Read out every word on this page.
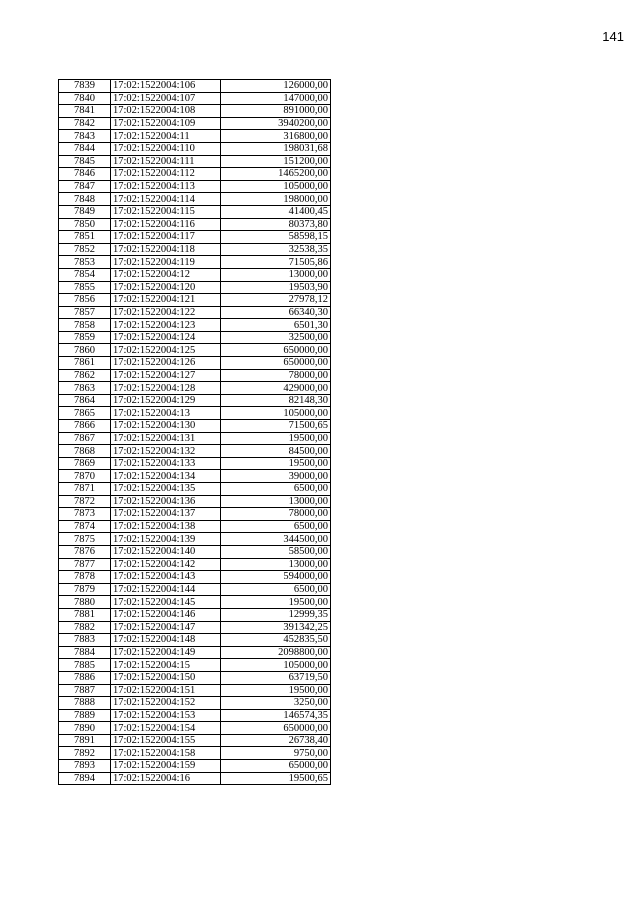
141
7839	17:02:1522004:106	126000,00
7840	17:02:1522004:107	147000,00
7841	17:02:1522004:108	891000,00
7842	17:02:1522004:109	3940200,00
7843	17:02:1522004:11	316800,00
7844	17:02:1522004:110	198031,68
7845	17:02:1522004:111	151200,00
7846	17:02:1522004:112	1465200,00
7847	17:02:1522004:113	105000,00
7848	17:02:1522004:114	198000,00
7849	17:02:1522004:115	41400,45
7850	17:02:1522004:116	80373,80
7851	17:02:1522004:117	58598,15
7852	17:02:1522004:118	32538,35
7853	17:02:1522004:119	71505,86
7854	17:02:1522004:12	13000,00
7855	17:02:1522004:120	19503,90
7856	17:02:1522004:121	27978,12
7857	17:02:1522004:122	66340,30
7858	17:02:1522004:123	6501,30
7859	17:02:1522004:124	32500,00
7860	17:02:1522004:125	650000,00
7861	17:02:1522004:126	650000,00
7862	17:02:1522004:127	78000,00
7863	17:02:1522004:128	429000,00
7864	17:02:1522004:129	82148,30
7865	17:02:1522004:13	105000,00
7866	17:02:1522004:130	71500,65
7867	17:02:1522004:131	19500,00
7868	17:02:1522004:132	84500,00
7869	17:02:1522004:133	19500,00
7870	17:02:1522004:134	39000,00
7871	17:02:1522004:135	6500,00
7872	17:02:1522004:136	13000,00
7873	17:02:1522004:137	78000,00
7874	17:02:1522004:138	6500,00
7875	17:02:1522004:139	344500,00
7876	17:02:1522004:140	58500,00
7877	17:02:1522004:142	13000,00
7878	17:02:1522004:143	594000,00
7879	17:02:1522004:144	6500,00
7880	17:02:1522004:145	19500,00
7881	17:02:1522004:146	12999,35
7882	17:02:1522004:147	391342,25
7883	17:02:1522004:148	452835,50
7884	17:02:1522004:149	2098800,00
7885	17:02:1522004:15	105000,00
7886	17:02:1522004:150	63719,50
7887	17:02:1522004:151	19500,00
7888	17:02:1522004:152	3250,00
7889	17:02:1522004:153	146574,35
7890	17:02:1522004:154	650000,00
7891	17:02:1522004:155	26738,40
7892	17:02:1522004:158	9750,00
7893	17:02:1522004:159	65000,00
7894	17:02:1522004:16	19500,65
